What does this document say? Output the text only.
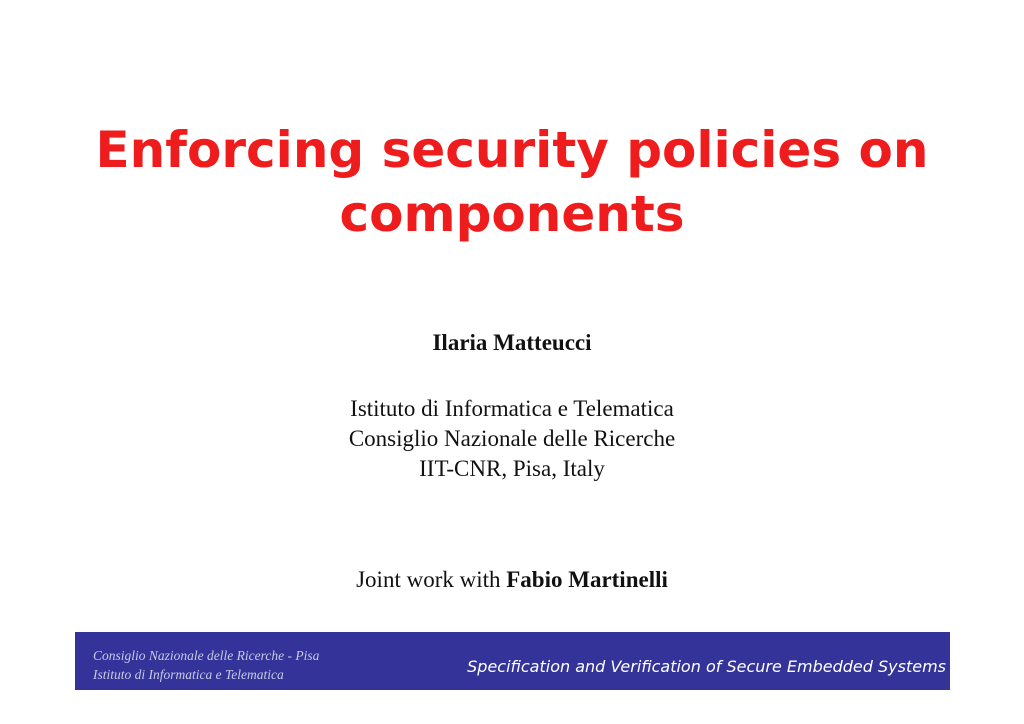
Enforcing security policies on
components
Ilaria Matteucci
Istituto di Informatica e Telematica
Consiglio Nazionale delle Ricerche
IIT-CNR, Pisa, Italy
Joint work with Fabio Martinelli
Consiglio Nazionale delle Ricerche - Pisa
Istituto di Informatica e Telematica	Specification and Verification of Secure Embedded Systems
